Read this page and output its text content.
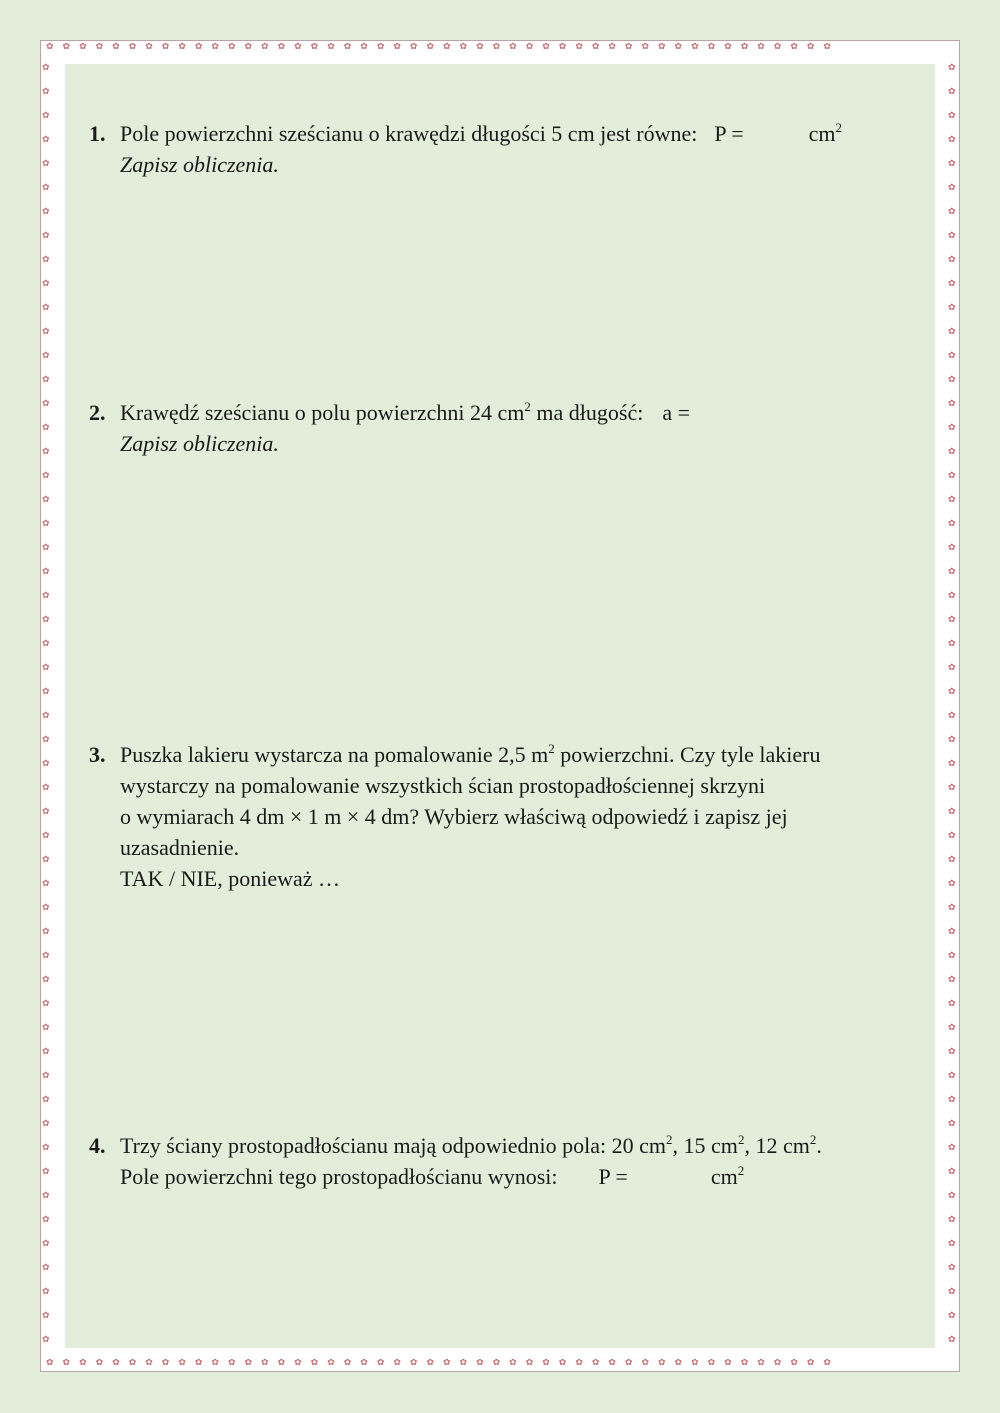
✿✿✿✿✿✿✿✿✿✿✿✿✿✿✿✿✿✿✿✿✿✿✿✿✿✿✿✿✿✿✿✿✿✿✿✿✿✿✿✿✿✿✿✿✿✿✿✿
✿✿✿✿✿✿✿✿✿✿✿✿✿✿✿✿✿✿✿✿✿✿✿✿✿✿✿✿✿✿✿✿✿✿✿✿✿✿✿✿✿✿✿✿✿✿✿✿
✿✿✿✿✿✿✿✿✿✿✿✿✿✿✿✿✿✿✿✿✿✿✿✿✿✿✿✿✿✿✿✿✿✿✿✿✿✿✿✿✿✿✿✿✿✿✿✿✿✿✿✿✿✿
✿✿✿✿✿✿✿✿✿✿✿✿✿✿✿✿✿✿✿✿✿✿✿✿✿✿✿✿✿✿✿✿✿✿✿✿✿✿✿✿✿✿✿✿✿✿✿✿✿✿✿✿✿✿
1. Pole powierzchni sześcianu o krawędzi długości 5 cm jest równe: P =	$cm^2$
Zapisz obliczenia.
2. Krawędź sześcianu o polu powierzchni 24 $cm^2$ ma długość: a =
Zapisz obliczenia.
3. Puszka lakieru wystarcza na pomalowanie 2,5 $m^2$ powierzchni. Czy tyle lakieru
wystarczy na pomalowanie wszystkich ścian prostopadłościennej skrzyni
o wymiarach 4 dm × 1 m × 4 dm? Wybierz właściwą odpowiedź i zapisz jej
uzasadnienie.
TAK / NIE, ponieważ …
4. Trzy ściany prostopadłościanu mają odpowiednio pola: 20 $cm^2$, 15 $cm^2$, 12 $cm^2$.
Pole powierzchni tego prostopadłościanu wynosi: P =	$cm^2$
